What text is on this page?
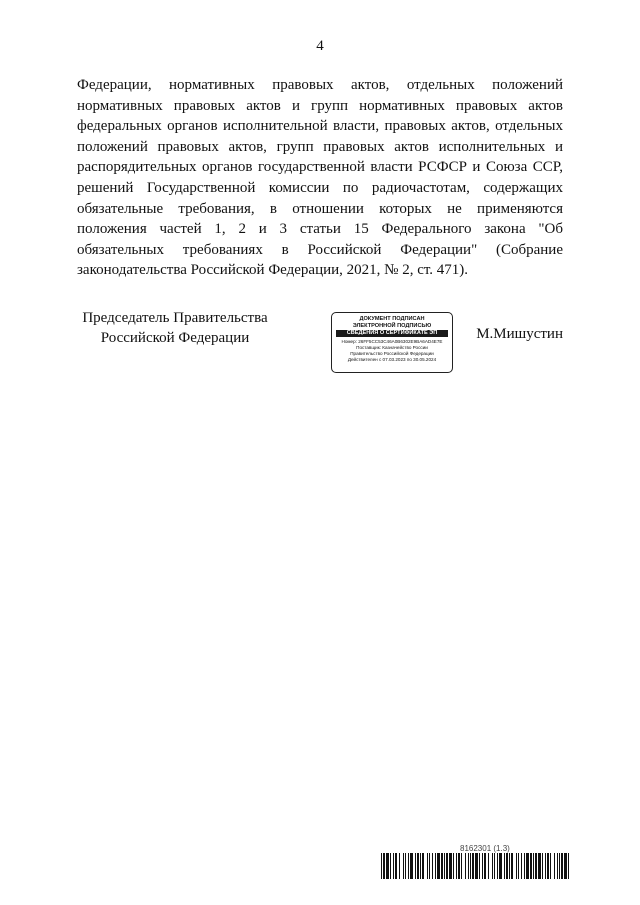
4

Федерации, нормативных правовых актов, отдельных положений нормативных правовых актов и групп нормативных правовых актов федеральных органов исполнительной власти, правовых актов, отдельных положений правовых актов, групп правовых актов исполнительных и распорядительных органов государственной власти РСФСР и Союза ССР, решений Государственной комиссии по радиочастотам, содержащих обязательные требования, в отношении которых не применяются положения частей 1, 2 и 3 статьи 15 Федерального закона "Об обязательных требованиях в Российской Федерации" (Собрание законодательства Российской Федерации, 2021, № 2, ст. 471).

Председатель Правительства
Российской Федерации
ДОКУМЕНТ ПОДПИСАН
ЭЛЕКТРОННОЙ ПОДПИСЬЮ
СВЕДЕНИЯ О СЕРТИФИКАТЕ ЭП
Номер: 26FF5CC53C46A0B6302E9BA6AD4E7E
Поставщик: Казначейство России
Правительство Российской Федерации
Действителен с 07.03.2023 по 30.05.2024
М.Мишустин
8162301 (1.3)
